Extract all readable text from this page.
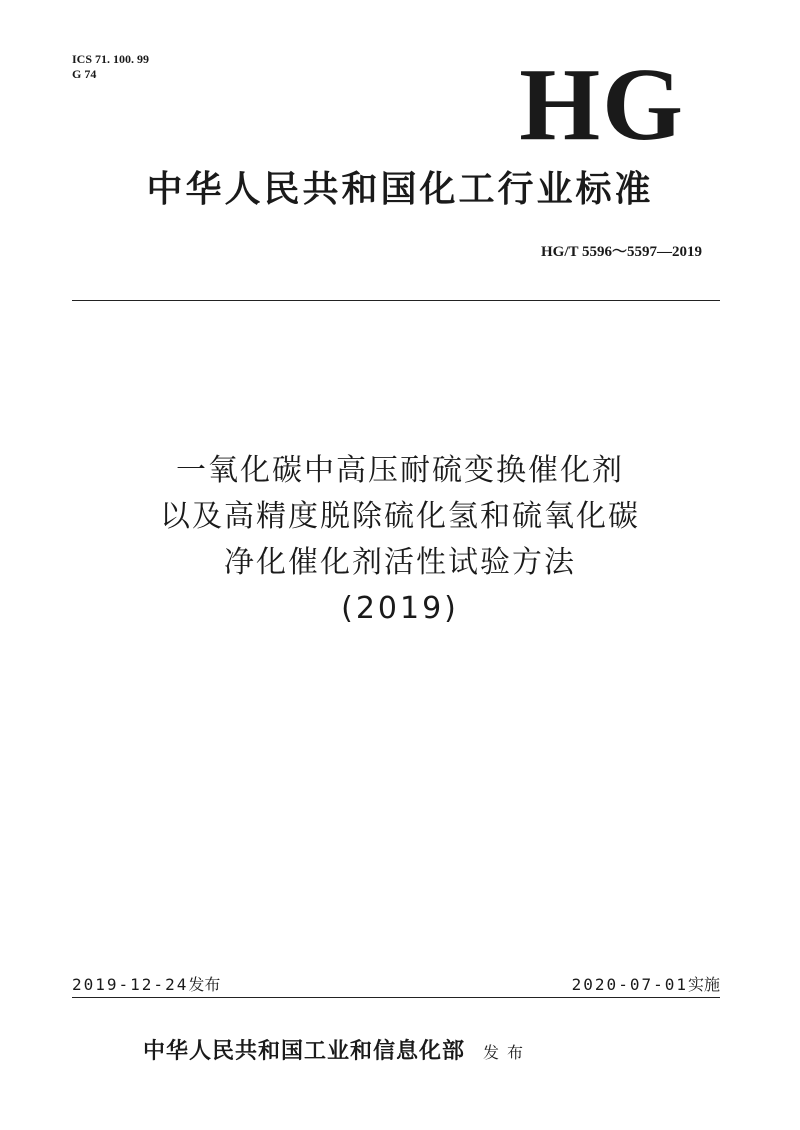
ICS 71. 100. 99
G 74	HG
中华人民共和国化工行业标准
HG/T 5596～5597—2019
一氧化碳中高压耐硫变换催化剂
以及高精度脱除硫化氢和硫氧化碳
净化催化剂活性试验方法
(2019)
2019-12-24发布	2020-07-01实施
中华人民共和国工业和信息化部 发布
